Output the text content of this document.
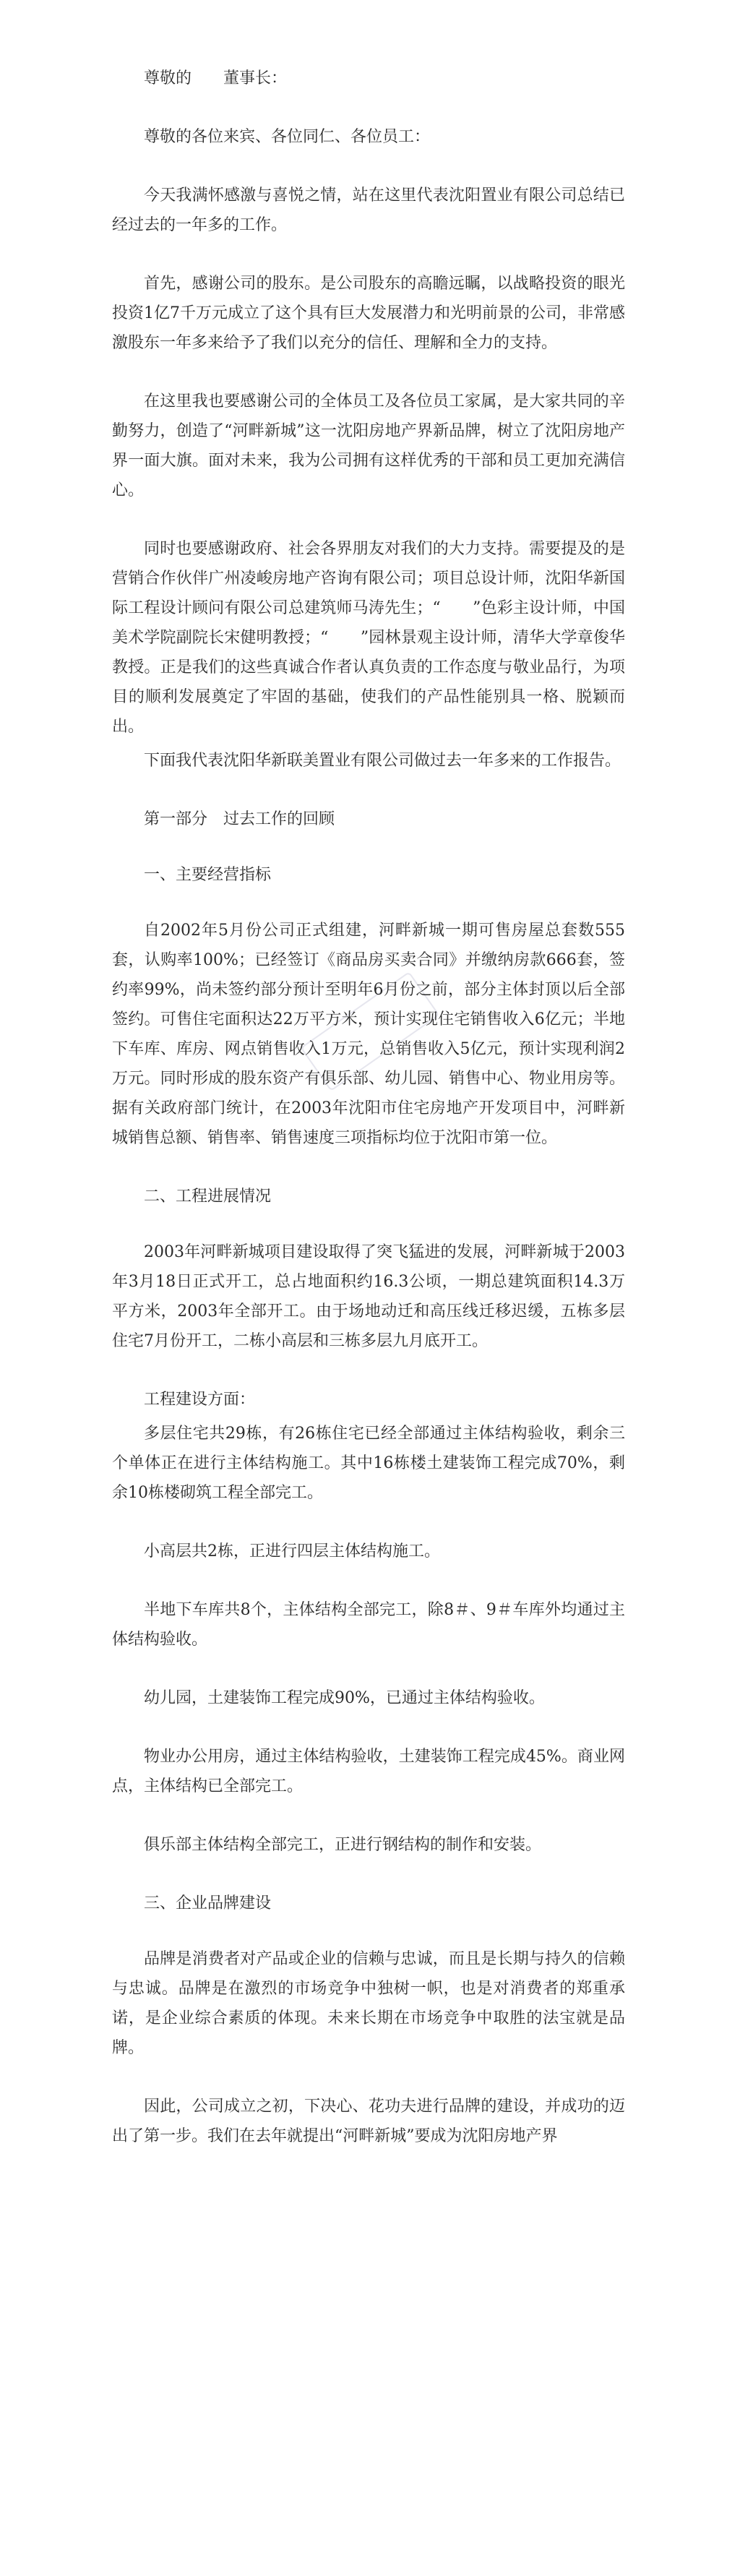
尊敬的　　董事长：

尊敬的各位来宾、各位同仁、各位员工：

今天我满怀感激与喜悦之情，站在这里代表沈阳置业有限公司总结已经过去的一年多的工作。

首先，感谢公司的股东。是公司股东的高瞻远瞩，以战略投资的眼光投资1亿7千万元成立了这个具有巨大发展潜力和光明前景的公司，非常感激股东一年多来给予了我们以充分的信任、理解和全力的支持。

在这里我也要感谢公司的全体员工及各位员工家属，是大家共同的辛勤努力，创造了“河畔新城”这一沈阳房地产界新品牌，树立了沈阳房地产界一面大旗。面对未来，我为公司拥有这样优秀的干部和员工更加充满信心。

同时也要感谢政府、社会各界朋友对我们的大力支持。需要提及的是营销合作伙伴广州凌峻房地产咨询有限公司；项目总设计师，沈阳华新国际工程设计顾问有限公司总建筑师马涛先生；“　　”色彩主设计师，中国美术学院副院长宋健明教授；“　　”园林景观主设计师，清华大学章俊华教授。正是我们的这些真诚合作者认真负责的工作态度与敬业品行，为项目的顺利发展奠定了牢固的基础，使我们的产品性能别具一格、脱颖而出。

下面我代表沈阳华新联美置业有限公司做过去一年多来的工作报告。

第一部分　过去工作的回顾

一、主要经营指标

自2002年5月份公司正式组建，河畔新城一期可售房屋总套数555套，认购率100%；已经签订《商品房买卖合同》并缴纳房款666套，签约率99%，尚未签约部分预计至明年6月份之前，部分主体封顶以后全部签约。可售住宅面积达22万平方米，预计实现住宅销售收入6亿元；半地下车库、库房、网点销售收入1万元，总销售收入5亿元，预计实现利润2万元。同时形成的股东资产有俱乐部、幼儿园、销售中心、物业用房等。据有关政府部门统计，在2003年沈阳市住宅房地产开发项目中，河畔新城销售总额、销售率、销售速度三项指标均位于沈阳市第一位。

二、工程进展情况

2003年河畔新城项目建设取得了突飞猛进的发展，河畔新城于2003年3月18日正式开工，总占地面积约16.3公顷，一期总建筑面积14.3万平方米，2003年全部开工。由于场地动迁和高压线迁移迟缓，五栋多层住宅7月份开工，二栋小高层和三栋多层九月底开工。

工程建设方面：

多层住宅共29栋，有26栋住宅已经全部通过主体结构验收，剩余三个单体正在进行主体结构施工。其中16栋楼土建装饰工程完成70%，剩余10栋楼砌筑工程全部完工。

小高层共2栋，正进行四层主体结构施工。

半地下车库共8个，主体结构全部完工，除8＃、9＃车库外均通过主体结构验收。

幼儿园，土建装饰工程完成90%，已通过主体结构验收。

物业办公用房，通过主体结构验收，土建装饰工程完成45%。商业网点，主体结构已全部完工。

俱乐部主体结构全部完工，正进行钢结构的制作和安装。

三、企业品牌建设

品牌是消费者对产品或企业的信赖与忠诚，而且是长期与持久的信赖与忠诚。品牌是在激烈的市场竞争中独树一帜，也是对消费者的郑重承诺，是企业综合素质的体现。未来长期在市场竞争中取胜的法宝就是品牌。

因此，公司成立之初，下决心、花功夫进行品牌的建设，并成功的迈出了第一步。我们在去年就提出“河畔新城”要成为沈阳房地产界
